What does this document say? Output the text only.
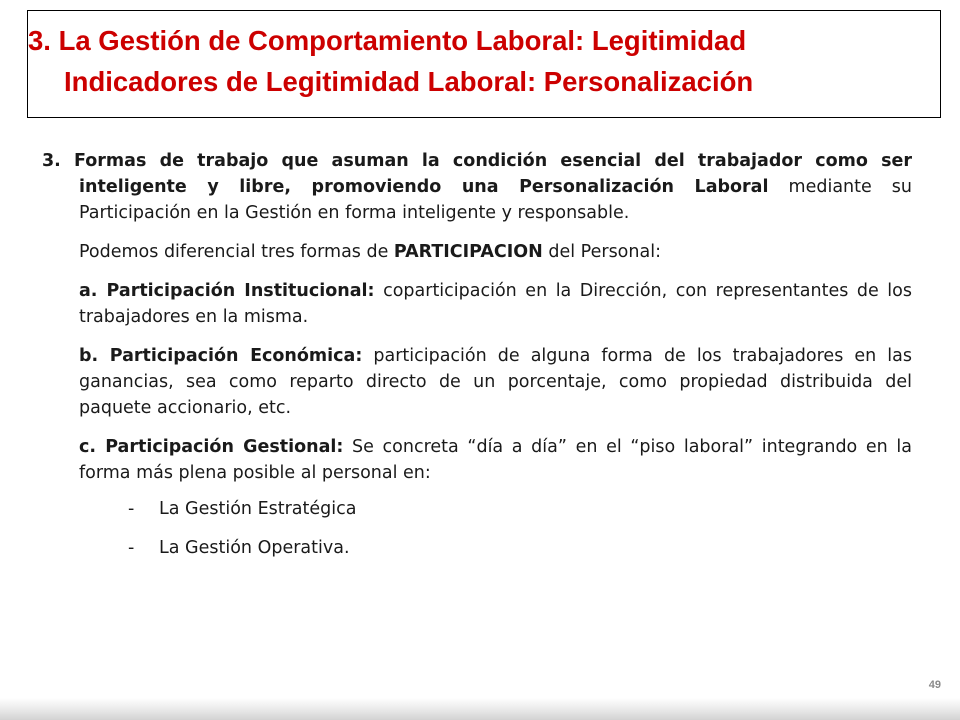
3. La Gestión de Comportamiento Laboral: Legitimidad
Indicadores de Legitimidad Laboral: Personalización

3. Formas de trabajo que asuman la condición esencial del trabajador como ser inteligente y libre, promoviendo una Personalización Laboral mediante su Participación en la Gestión en forma inteligente y responsable.

Podemos diferencial tres formas de PARTICIPACION del Personal:

a. Participación Institucional: coparticipación en la Dirección, con representantes de los trabajadores en la misma.

b. Participación Económica: participación de alguna forma de los trabajadores en las ganancias, sea como reparto directo de un porcentaje, como propiedad distribuida del paquete accionario, etc.

c. Participación Gestional: Se concreta “día a día” en el “piso laboral” integrando en la forma más plena posible al personal en:

-	La Gestión Estratégica
-	La Gestión Operativa.
49
